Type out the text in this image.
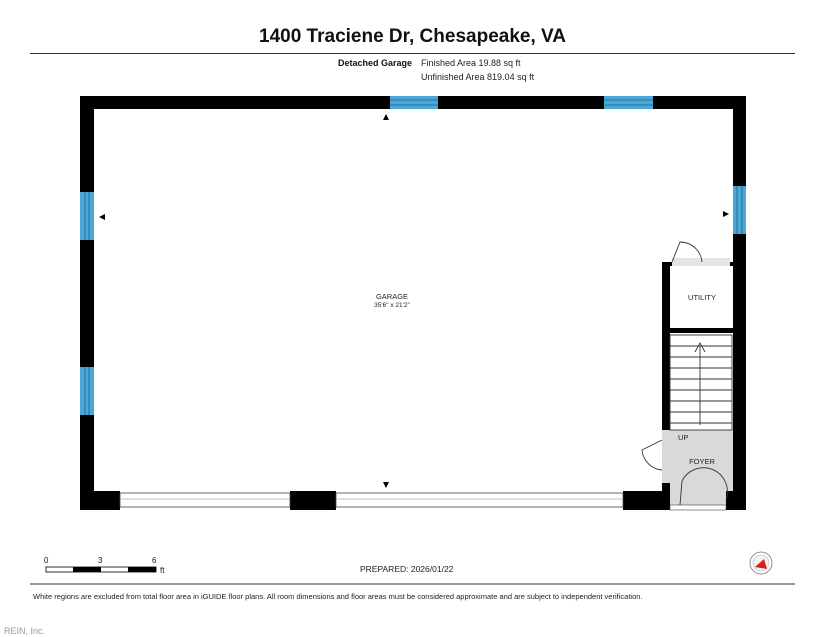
1400 Traciene Dr, Chesapeake, VA
Detached Garage Finished Area 19.88 sq ft
Unfinished Area 819.04 sq ft
GARAGE
35'6" x 21'2"
UTILITY
UP
FOYER
0	3	6
ft	PREPARED: 2026/01/22
White regions are excluded from total floor area in iGUIDE floor plans. All room dimensions and floor areas must be considered approximate and are subject to independent verification.
REIN, Inc.
